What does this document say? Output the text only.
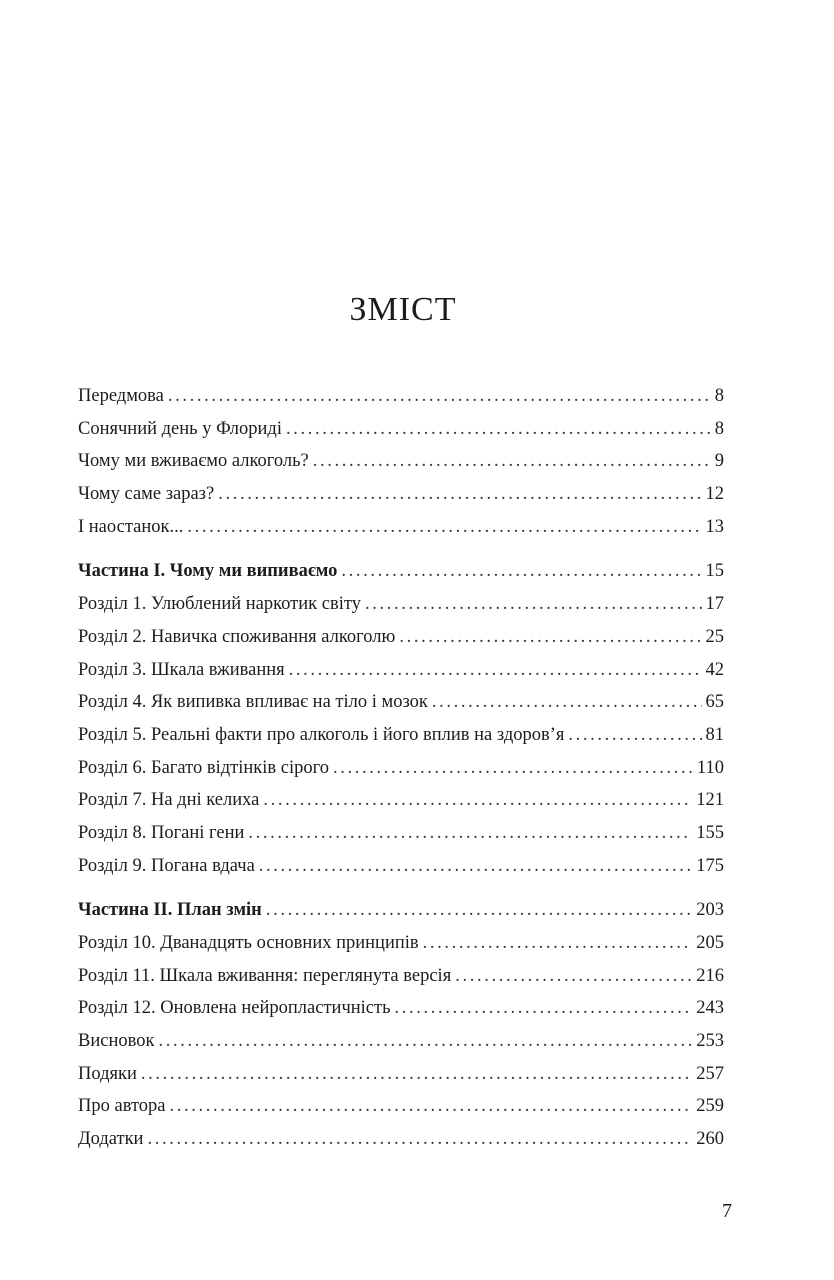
ЗМІСТ
Передмова . . .	8
Сонячний день у Флориді . . .	8
Чому ми вживаємо алкоголь? . . .	9
Чому саме зараз? . . .	12
І наостанок... . . .	13
Частина І. Чому ми випиваємо . . .	15
Розділ 1. Улюблений наркотик світу . . .	17
Розділ 2. Навичка споживання алкоголю . . .	25
Розділ 3. Шкала вживання . . .	42
Розділ 4. Як випивка впливає на тіло і мозок . . .	65
Розділ 5. Реальні факти про алкоголь і його вплив на здоров’я . . .	81
Розділ 6. Багато відтінків сірого . . .	110
Розділ 7. На дні келиха . . .	121
Розділ 8. Погані гени . . .	155
Розділ 9. Погана вдача . . .	175
Частина ІІ. План змін . . .	203
Розділ 10. Дванадцять основних принципів . . .	205
Розділ 11. Шкала вживання: переглянута версія . . .	216
Розділ 12. Оновлена нейропластичність . . .	243
Висновок . . .	253
Подяки . . .	257
Про автора . . .	259
Додатки . . .	260
7
